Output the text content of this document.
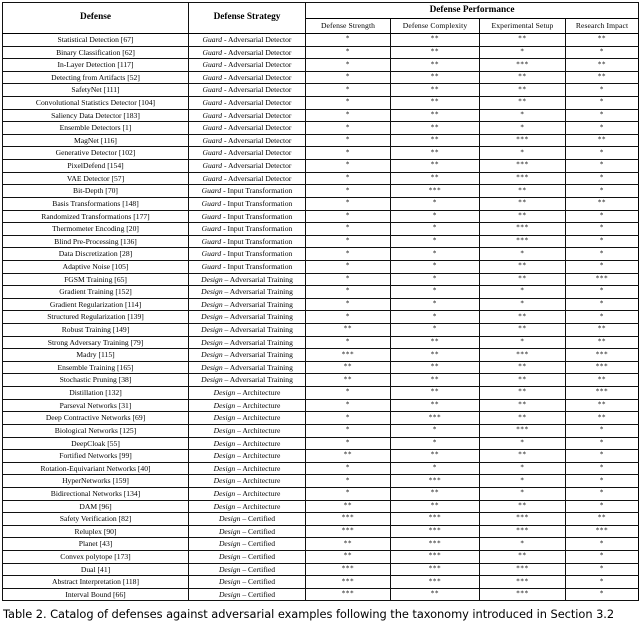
Defense	Defense Strategy	Defense Performance			
		Defense Strength	Defense Complexity	Experimental Setup	Research Impact
Statistical Detection [67]	Guard - Adversarial Detector	*	**	**	**
Binary Classification [62]	Guard - Adversarial Detector	*	**	*	*
In-Layer Detection [117]	Guard - Adversarial Detector	*	**	***	**
Detecting from Artifacts [52]	Guard - Adversarial Detector	*	**	**	**
SafetyNet [111]	Guard - Adversarial Detector	*	**	**	*
Convolutional Statistics Detector [104]	Guard - Adversarial Detector	*	**	**	*
Saliency Data Detector [183]	Guard - Adversarial Detector	*	**	*	*
Ensemble Detectors [1]	Guard - Adversarial Detector	*	**	*	*
MagNet [116]	Guard - Adversarial Detector	*	**	***	**
Generative Detector [102]	Guard - Adversarial Detector	*	**	*	*
PixelDefend [154]	Guard - Adversarial Detector	*	**	***	*
VAE Detector [57]	Guard - Adversarial Detector	*	**	***	*
Bit-Depth [70]	Guard - Input Transformation	*	***	**	*
Basis Transformations [148]	Guard - Input Transformation	*	*	**	**
Randomized Transformations [177]	Guard - Input Transformation	*	*	**	*
Thermometer Encoding [20]	Guard - Input Transformation	*	*	***	*
Blind Pre-Processing [136]	Guard - Input Transformation	*	*	***	*
Data Discretization [28]	Guard - Input Transformation	*	*	*	*
Adaptive Noise [105]	Guard - Input Transformation	*	*	**	*
FGSM Training [65]	Design – Adversarial Training	*	*	**	***
Gradient Training [152]	Design – Adversarial Training	*	*	*	*
Gradient Regularization [114]	Design – Adversarial Training	*	*	*	*
Structured Regularization [139]	Design – Adversarial Training	*	*	**	*
Robust Training [149]	Design – Adversarial Training	**	*	**	**
Strong Adversary Training [79]	Design – Adversarial Training	*	**	*	**
Madry [115]	Design – Adversarial Training	***	**	***	***
Ensemble Training [165]	Design – Adversarial Training	**	**	**	***
Stochastic Pruning [38]	Design – Adversarial Training	**	**	**	**
Distillation [132]	Design – Architecture	*	**	**	***
Parseval Networks [31]	Design – Architecture	*	**	**	**
Deep Contractive Networks [69]	Design – Architecture	*	***	**	**
Biological Networks [125]	Design – Architecture	*	*	***	*
DeepCloak [55]	Design – Architecture	*	*	*	*
Fortified Networks [99]	Design – Architecture	**	**	**	*
Rotation-Equivariant Networks [40]	Design – Architecture	*	*	*	*
HyperNetworks [159]	Design – Architecture	*	***	*	*
Bidirectional Networks [134]	Design – Architecture	*	**	*	*
DAM [96]	Design – Architecture	**	**	**	*
Safety Verification [82]	Design – Certified	***	***	***	**
Reluplex [90]	Design – Certified	***	***	***	***
Planet [43]	Design – Certified	**	***	*	*
Convex polytope [173]	Design – Certified	**	***	**	*
Dual [41]	Design – Certified	***	***	***	*
Abstract Interpretation [118]	Design – Certified	***	***	***	*
Interval Bound [66]	Design – Certified	***	**	***	*
Table 2. Catalog of defenses against adversarial examples following the taxonomy introduced in Section 3.2
